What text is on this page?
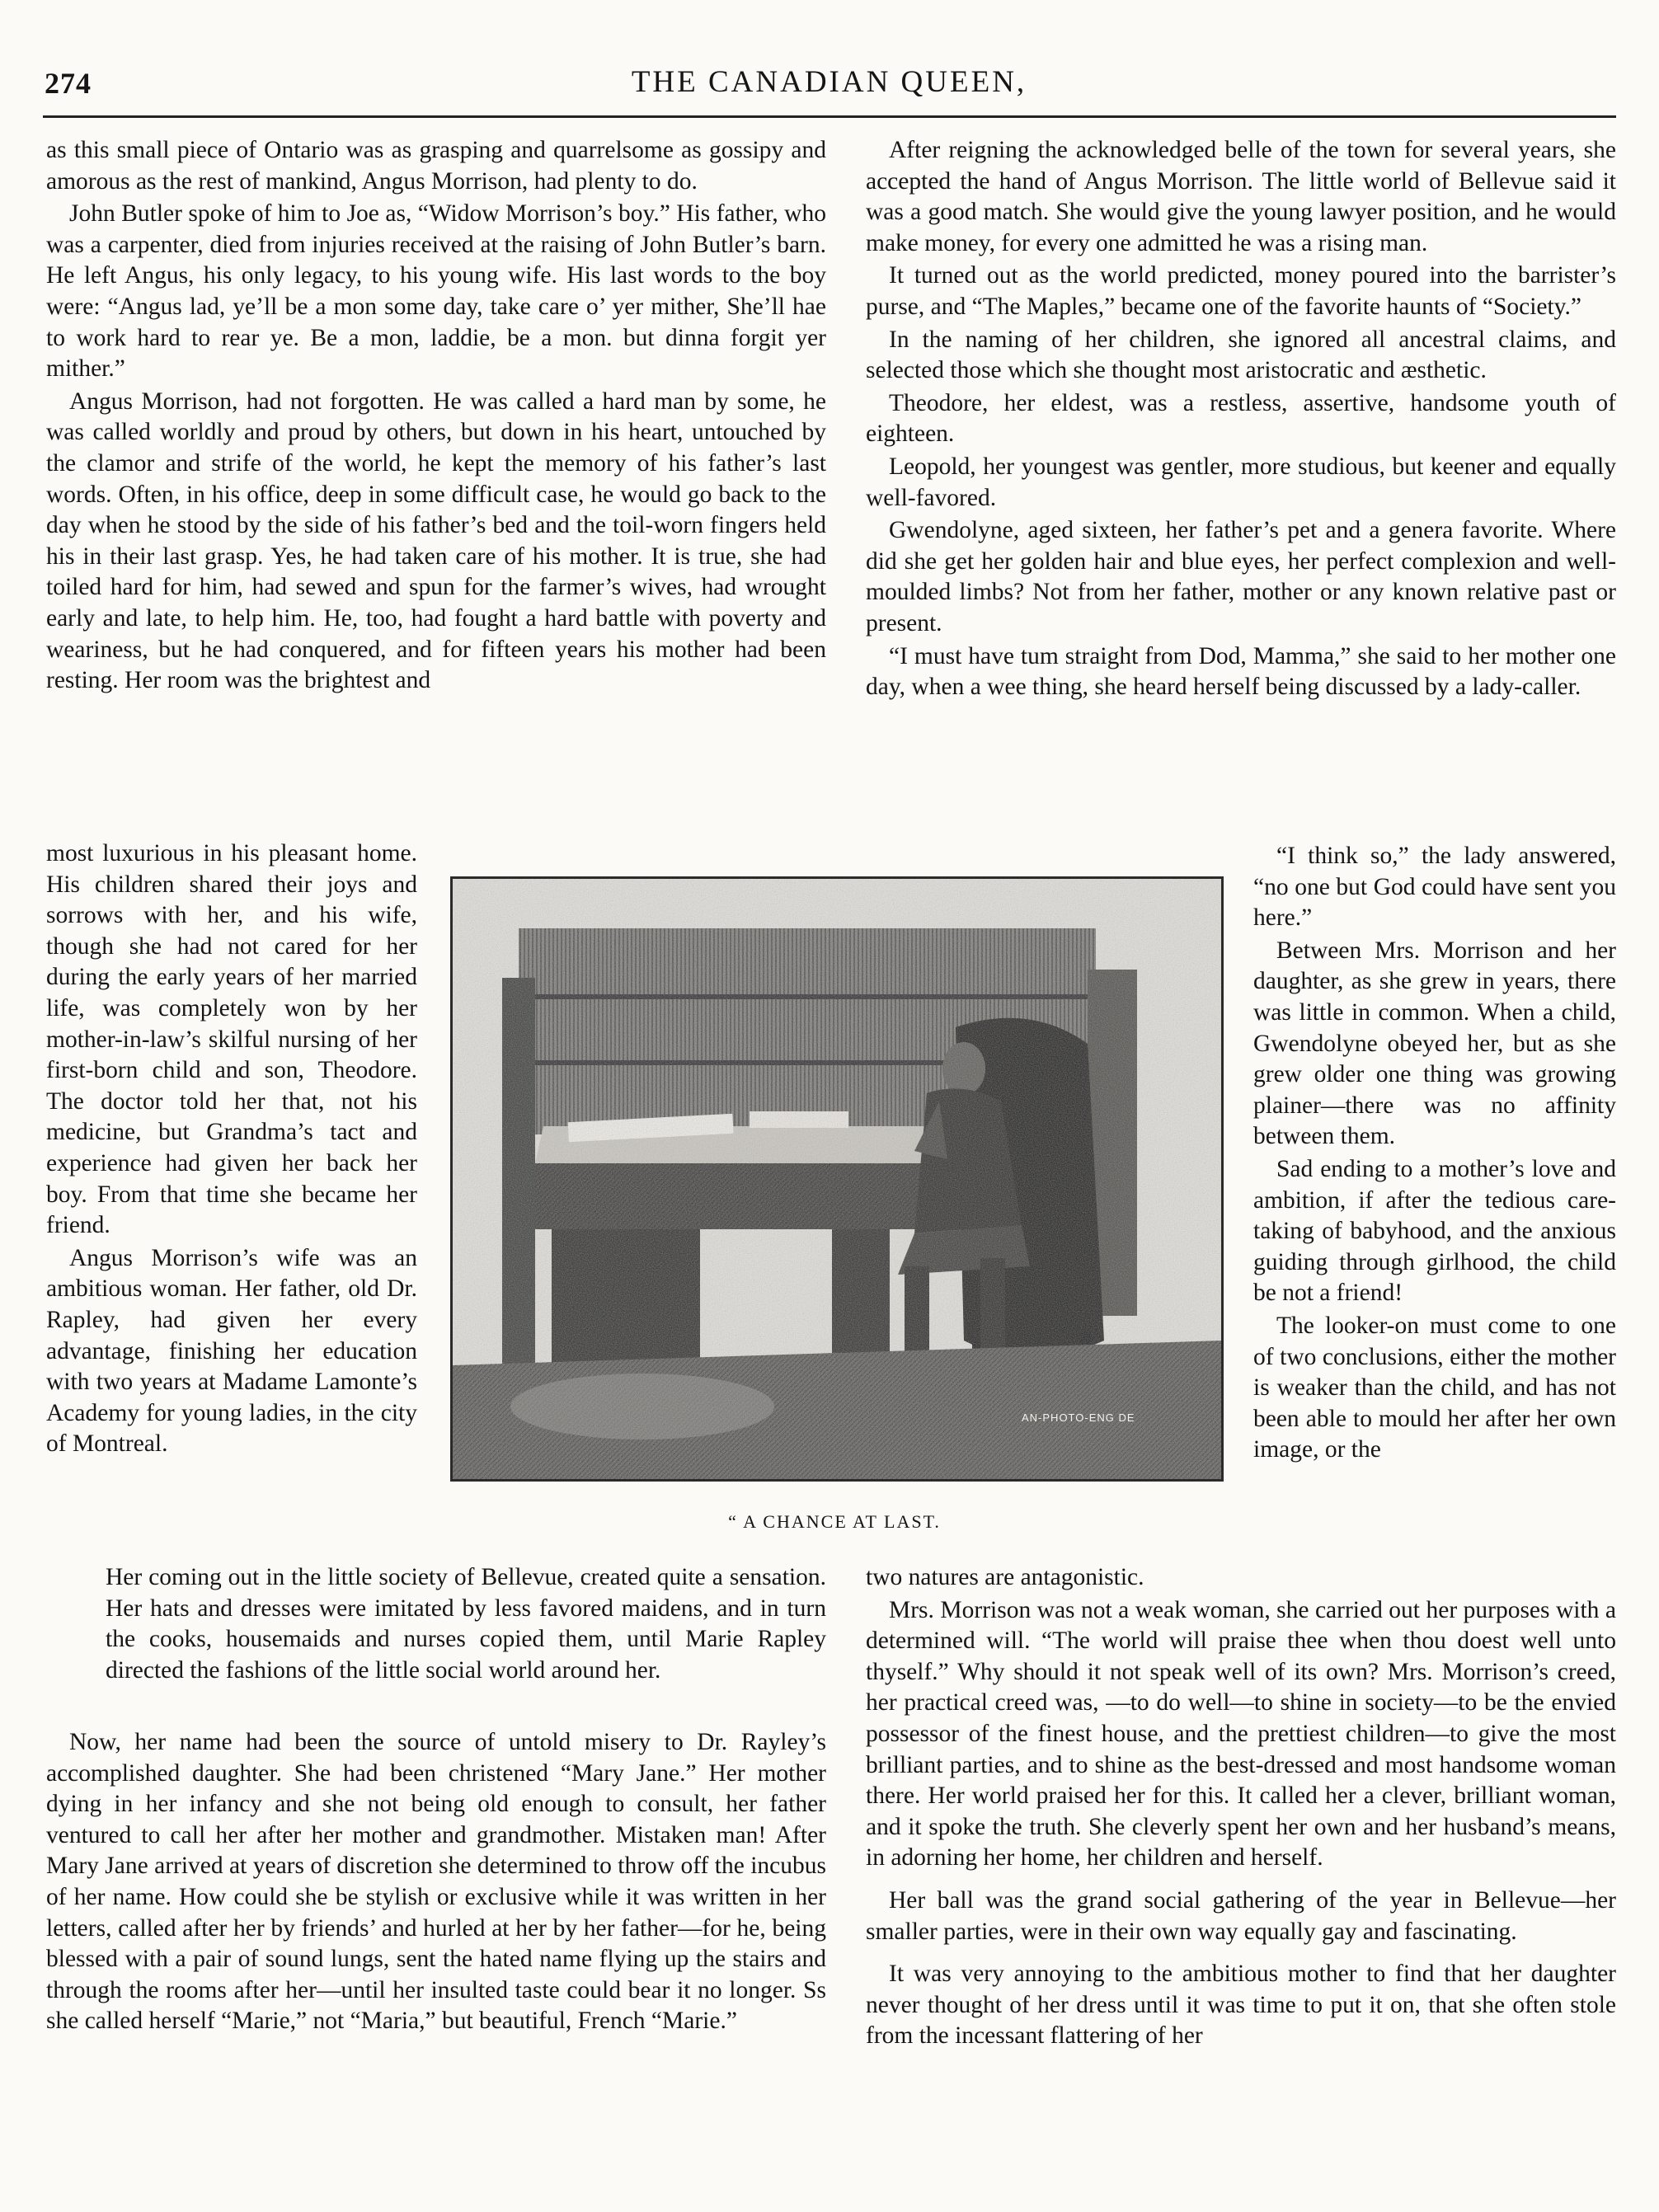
274	THE CANADIAN QUEEN,

as this small piece of Ontario was as grasping and quarrelsome as gossipy and amorous as the rest of mankind, Angus Morrison, had plenty to do.

John Butler spoke of him to Joe as, “Widow Morrison’s boy.” His father, who was a carpenter, died from injuries received at the raising of John Butler’s barn. He left Angus, his only legacy, to his young wife. His last words to the boy were: “Angus lad, ye’ll be a mon some day, take care o’ yer mither, She’ll hae to work hard to rear ye. Be a mon, laddie, be a mon. but dinna forgit yer mither.”

Angus Morrison, had not forgotten. He was called a hard man by some, he was called worldly and proud by others, but down in his heart, untouched by the clamor and strife of the world, he kept the memory of his father’s last words. Often, in his office, deep in some difficult case, he would go back to the day when he stood by the side of his father’s bed and the toil-worn fingers held his in their last grasp. Yes, he had taken care of his mother. It is true, she had toiled hard for him, had sewed and spun for the farmer’s wives, had wrought early and late, to help him. He, too, had fought a hard battle with poverty and weariness, but he had conquered, and for fifteen years his mother had been resting. Her room was the brightest and

most luxurious in his pleasant home. His children shared their joys and sorrows with her, and his wife, though she had not cared for her during the early years of her married life, was completely won by her mother-in-law’s skilful nursing of her first-born child and son, Theodore. The doctor told her that, not his medicine, but Grandma’s tact and experience had given her back her boy. From that time she became her friend.

Angus Morrison’s wife was an ambitious woman. Her father, old Dr. Rapley, had given her every advantage, finishing her education with two years at Madame Lamonte’s Academy for young ladies, in the city of Montreal.

Her coming out in the little society of Bellevue, created quite a sensation. Her hats and dresses were imitated by less favored maidens, and in turn the cooks, housemaids and nurses copied them, until Marie Rapley directed the fashions of the little social world around her.

Now, her name had been the source of untold misery to Dr. Rayley’s accomplished daughter. She had been christened “Mary Jane.” Her mother dying in her infancy and she not being old enough to consult, her father ventured to call her after her mother and grandmother. Mistaken man! After Mary Jane arrived at years of discretion she determined to throw off the incubus of her name. How could she be stylish or exclusive while it was written in her letters, called after her by friends’ and hurled at her by her father—for he, being blessed with a pair of sound lungs, sent the hated name flying up the stairs and through the rooms after her—until her insulted taste could bear it no longer. Ss she called herself “Marie,” not “Maria,” but beautiful, French “Marie.”

After reigning the acknowledged belle of the town for several years, she accepted the hand of Angus Morrison. The little world of Bellevue said it was a good match. She would give the young lawyer position, and he would make money, for every one admitted he was a rising man.

It turned out as the world predicted, money poured into the barrister’s purse, and “The Maples,” became one of the favorite haunts of “Society.”

In the naming of her children, she ignored all ancestral claims, and selected those which she thought most aristocratic and æsthetic.

Theodore, her eldest, was a restless, assertive, handsome youth of eighteen.

Leopold, her youngest was gentler, more studious, but keener and equally well-favored.

Gwendolyne, aged sixteen, her father’s pet and a genera favorite. Where did she get her golden hair and blue eyes, her perfect complexion and well-moulded limbs? Not from her father, mother or any known relative past or present.

“I must have tum straight from Dod, Mamma,” she said to her mother one day, when a wee thing, she heard herself being discussed by a lady-caller.

“I think so,” the lady answered, “no one but God could have sent you here.”

Between Mrs. Morrison and her daughter, as she grew in years, there was little in common. When a child, Gwendolyne obeyed her, but as she grew older one thing was growing plainer—there was no affinity between them.

Sad ending to a mother’s love and ambition, if after the tedious care-taking of babyhood, and the anxious guiding through girlhood, the child be not a friend!

The looker-on must come to one of two conclusions, either the mother is weaker than the child, and has not been able to mould her after her own image, or the

two natures are antagonistic.

Mrs. Morrison was not a weak woman, she carried out her purposes with a determined will. “The world will praise thee when thou doest well unto thyself.” Why should it not speak well of its own? Mrs. Morrison’s creed, her practical creed was, —to do well—to shine in society—to be the envied possessor of the finest house, and the prettiest children—to give the most brilliant parties, and to shine as the best-dressed and most handsome woman there. Her world praised her for this. It called her a clever, brilliant woman, and it spoke the truth. She cleverly spent her own and her husband’s means, in adorning her home, her children and herself.

Her ball was the grand social gathering of the year in Bellevue—her smaller parties, were in their own way equally gay and fascinating.

It was very annoying to the ambitious mother to find that her daughter never thought of her dress until it was time to put it on, that she often stole from the incessant flattering of her

AN-PHOTO-ENG DE
“ A CHANCE AT LAST.
